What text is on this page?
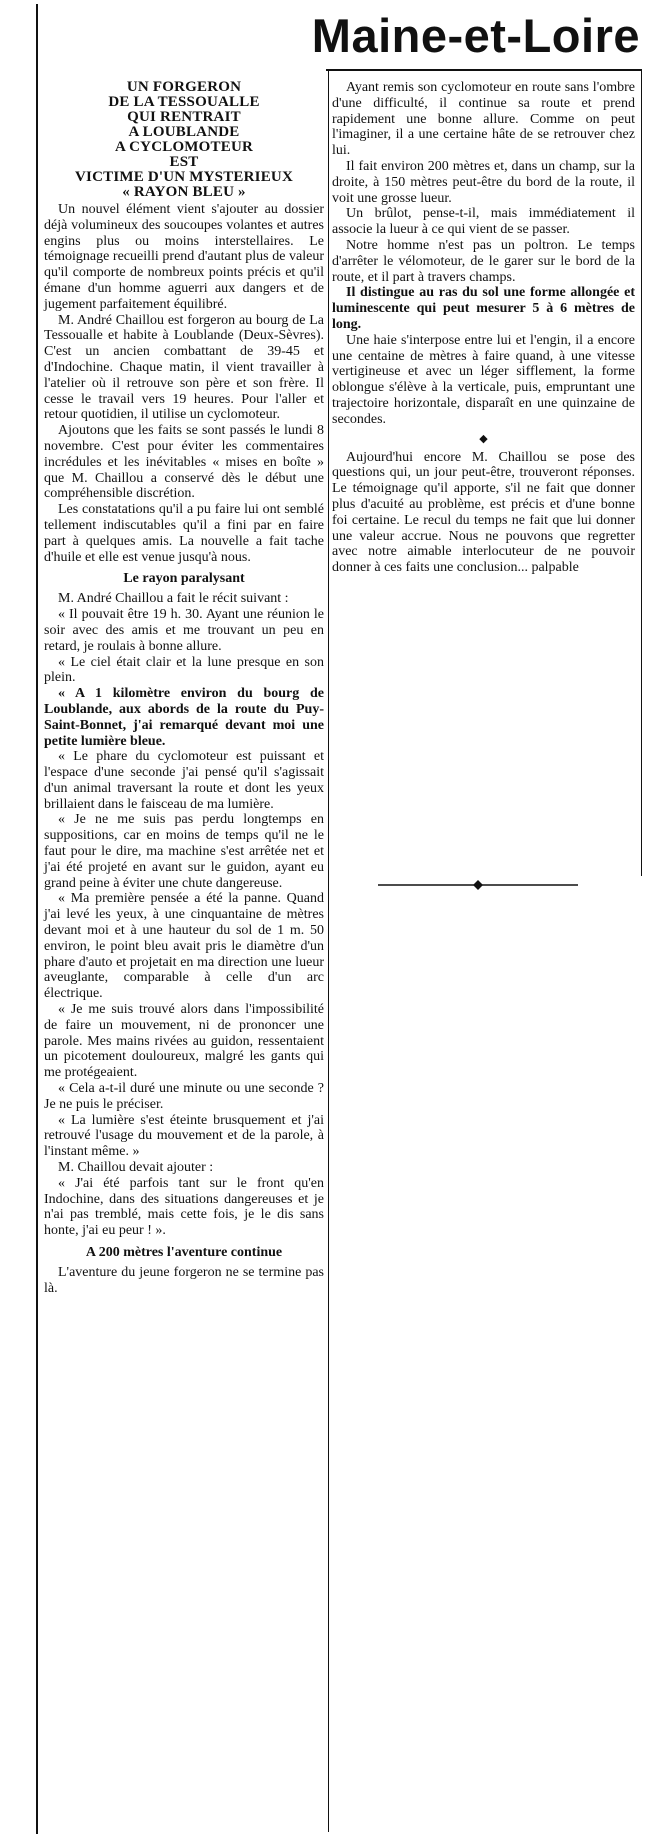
Maine-et-Loire
UN FORGERON
DE LA TESSOUALLE
QUI RENTRAIT
A LOUBLANDE
A CYCLOMOTEUR
EST
VICTIME D'UN MYSTERIEUX
« RAYON BLEU »

Un nouvel élément vient s'ajouter au dossier déjà volumineux des soucoupes volantes et autres engins plus ou moins interstellaires. Le témoignage recueilli prend d'autant plus de valeur qu'il comporte de nombreux points précis et qu'il émane d'un homme aguerri aux dangers et de jugement parfaitement équilibré.

M. André Chaillou est forgeron au bourg de La Tessoualle et habite à Loublande (Deux-Sèvres). C'est un ancien combattant de 39-45 et d'Indochine. Chaque matin, il vient travailler à l'atelier où il retrouve son père et son frère. Il cesse le travail vers 19 heures. Pour l'aller et retour quotidien, il utilise un cyclomoteur.

Ajoutons que les faits se sont passés le lundi 8 novembre. C'est pour éviter les commentaires incrédules et les inévitables « mises en boîte » que M. Chaillou a conservé dès le début une compréhensible discrétion.

Les constatations qu'il a pu faire lui ont semblé tellement indiscutables qu'il a fini par en faire part à quelques amis. La nouvelle a fait tache d'huile et elle est venue jusqu'à nous.

Le rayon paralysant

M. André Chaillou a fait le récit suivant :

« Il pouvait être 19 h. 30. Ayant une réunion le soir avec des amis et me trouvant un peu en retard, je roulais à bonne allure.

« Le ciel était clair et la lune presque en son plein.

« A 1 kilomètre environ du bourg de Loublande, aux abords de la route du Puy-Saint-Bonnet, j'ai remarqué devant moi une petite lumière bleue.

« Le phare du cyclomoteur est puissant et l'espace d'une seconde j'ai pensé qu'il s'agissait d'un animal traversant la route et dont les yeux brillaient dans le faisceau de ma lumière.

« Je ne me suis pas perdu longtemps en suppositions, car en moins de temps qu'il ne le faut pour le dire, ma machine s'est arrêtée net et j'ai été projeté en avant sur le guidon, ayant eu grand peine à éviter une chute dangereuse.

« Ma première pensée a été la panne. Quand j'ai levé les yeux, à une cinquantaine de mètres devant moi et à une hauteur du sol de 1 m. 50 environ, le point bleu avait pris le diamètre d'un phare d'auto et projetait en ma direction une lueur aveuglante, comparable à celle d'un arc électrique.

« Je me suis trouvé alors dans l'impossibilité de faire un mouvement, ni de prononcer une parole. Mes mains rivées au guidon, ressentaient un picotement douloureux, malgré les gants qui me protégeaient.

« Cela a-t-il duré une minute ou une seconde ? Je ne puis le préciser.

« La lumière s'est éteinte brusquement et j'ai retrouvé l'usage du mouvement et de la parole, à l'instant même. »

M. Chaillou devait ajouter :

« J'ai été parfois tant sur le front qu'en Indochine, dans des situations dangereuses et je n'ai pas tremblé, mais cette fois, je le dis sans honte, j'ai eu peur ! ».

A 200 mètres l'aventure continue

L'aventure du jeune forgeron ne se termine pas là.

Ayant remis son cyclomoteur en route sans l'ombre d'une difficulté, il continue sa route et prend rapidement une bonne allure. Comme on peut l'imaginer, il a une certaine hâte de se retrouver chez lui.

Il fait environ 200 mètres et, dans un champ, sur la droite, à 150 mètres peut-être du bord de la route, il voit une grosse lueur.

Un brûlot, pense-t-il, mais immédiatement il associe la lueur à ce qui vient de se passer.

Notre homme n'est pas un poltron. Le temps d'arrêter le vélomoteur, de le garer sur le bord de la route, et il part à travers champs.

Il distingue au ras du sol une forme allongée et luminescente qui peut mesurer 5 à 6 mètres de long.

Une haie s'interpose entre lui et l'engin, il a encore une centaine de mètres à faire quand, à une vitesse vertigineuse et avec un léger sifflement, la forme oblongue s'élève à la verticale, puis, empruntant une trajectoire horizontale, disparaît en une quinzaine de secondes.

◆

Aujourd'hui encore M. Chaillou se pose des questions qui, un jour peut-être, trouveront réponses. Le témoignage qu'il apporte, s'il ne fait que donner plus d'acuité au problème, est précis et d'une bonne foi certaine. Le recul du temps ne fait que lui donner une valeur accrue. Nous ne pouvons que regretter avec notre aimable interlocuteur de ne pouvoir donner à ces faits une conclusion... palpable
